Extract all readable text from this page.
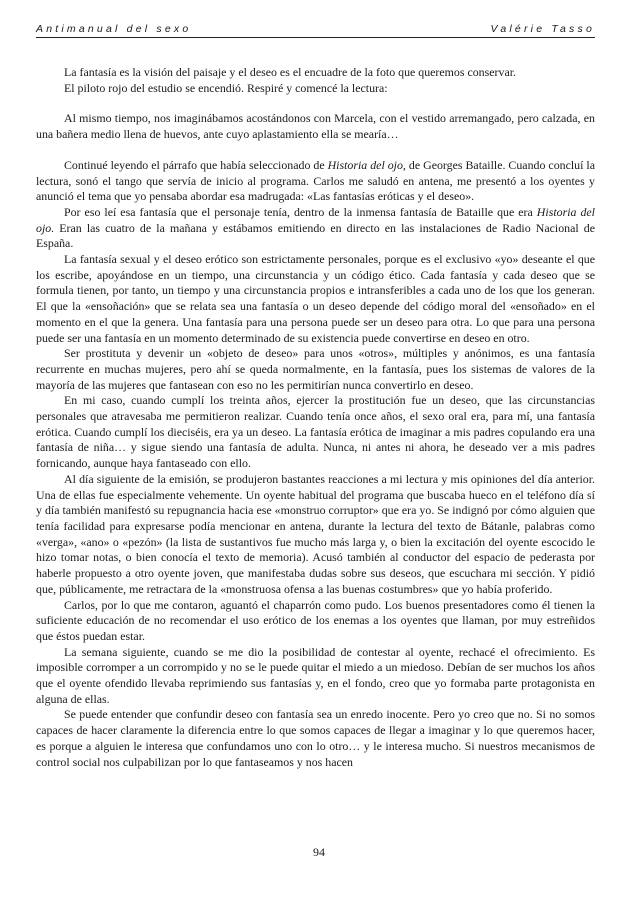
Antimanual del sexo	Valérie Tasso

La fantasía es la visión del paisaje y el deseo es el encuadre de la foto que queremos conservar.

El piloto rojo del estudio se encendió. Respiré y comencé la lectura:

Al mismo tiempo, nos imaginábamos acostándonos con Marcela, con el vestido arremangado, pero calzada, en una bañera medio llena de huevos, ante cuyo aplastamiento ella se mearía…

Continué leyendo el párrafo que había seleccionado de Historia del ojo, de Georges Bataille. Cuando concluí la lectura, sonó el tango que servía de inicio al programa. Carlos me saludó en antena, me presentó a los oyentes y anunció el tema que yo pensaba abordar esa madrugada: «Las fantasías eróticas y el deseo».

Por eso leí esa fantasía que el personaje tenía, dentro de la inmensa fantasía de Bataille que era Historia del ojo. Eran las cuatro de la mañana y estábamos emitiendo en directo en las instalaciones de Radio Nacional de España.

La fantasía sexual y el deseo erótico son estrictamente personales, porque es el exclusivo «yo» deseante el que los escribe, apoyándose en un tiempo, una circunstancia y un código ético. Cada fantasía y cada deseo que se formula tienen, por tanto, un tiempo y una circunstancia propios e intransferibles a cada uno de los que los generan. El que la «ensoñación» que se relata sea una fantasía o un deseo depende del código moral del «ensoñado» en el momento en el que la genera. Una fantasía para una persona puede ser un deseo para otra. Lo que para una persona puede ser una fantasía en un momento determinado de su existencia puede convertirse en deseo en otro.

Ser prostituta y devenir un «objeto de deseo» para unos «otros», múltiples y anónimos, es una fantasía recurrente en muchas mujeres, pero ahí se queda normalmente, en la fantasía, pues los sistemas de valores de la mayoría de las mujeres que fantasean con eso no les permitirían nunca convertirlo en deseo.

En mi caso, cuando cumplí los treinta años, ejercer la prostitución fue un deseo, que las circunstancias personales que atravesaba me permitieron realizar. Cuando tenía once años, el sexo oral era, para mí, una fantasía erótica. Cuando cumplí los dieciséis, era ya un deseo. La fantasía erótica de imaginar a mis padres copulando era una fantasía de niña… y sigue siendo una fantasía de adulta. Nunca, ni antes ni ahora, he deseado ver a mis padres fornicando, aunque haya fantaseado con ello.

Al día siguiente de la emisión, se produjeron bastantes reacciones a mi lectura y mis opiniones del día anterior. Una de ellas fue especialmente vehemente. Un oyente habitual del programa que buscaba hueco en el teléfono día sí y día también manifestó su repugnancia hacia ese «monstruo corruptor» que era yo. Se indignó por cómo alguien que tenía facilidad para expresarse podía mencionar en antena, durante la lectura del texto de Bátanle, palabras como «verga», «ano» o «pezón» (la lista de sustantivos fue mucho más larga y, o bien la excitación del oyente escocido le hizo tomar notas, o bien conocía el texto de memoria). Acusó también al conductor del espacio de pederasta por haberle propuesto a otro oyente joven, que manifestaba dudas sobre sus deseos, que escuchara mi sección. Y pidió que, públicamente, me retractara de la «monstruosa ofensa a las buenas costumbres» que yo había proferido.

Carlos, por lo que me contaron, aguantó el chaparrón como pudo. Los buenos presentadores como él tienen la suficiente educación de no recomendar el uso erótico de los enemas a los oyentes que llaman, por muy estreñidos que éstos puedan estar.

La semana siguiente, cuando se me dio la posibilidad de contestar al oyente, rechacé el ofrecimiento. Es imposible corromper a un corrompido y no se le puede quitar el miedo a un miedoso. Debían de ser muchos los años que el oyente ofendido llevaba reprimiendo sus fantasías y, en el fondo, creo que yo formaba parte protagonista en alguna de ellas.

Se puede entender que confundir deseo con fantasía sea un enredo inocente. Pero yo creo que no. Si no somos capaces de hacer claramente la diferencia entre lo que somos capaces de llegar a imaginar y lo que queremos hacer, es porque a alguien le interesa que confundamos uno con lo otro… y le interesa mucho. Si nuestros mecanismos de control social nos culpabilizan por lo que fantaseamos y nos hacen

94
